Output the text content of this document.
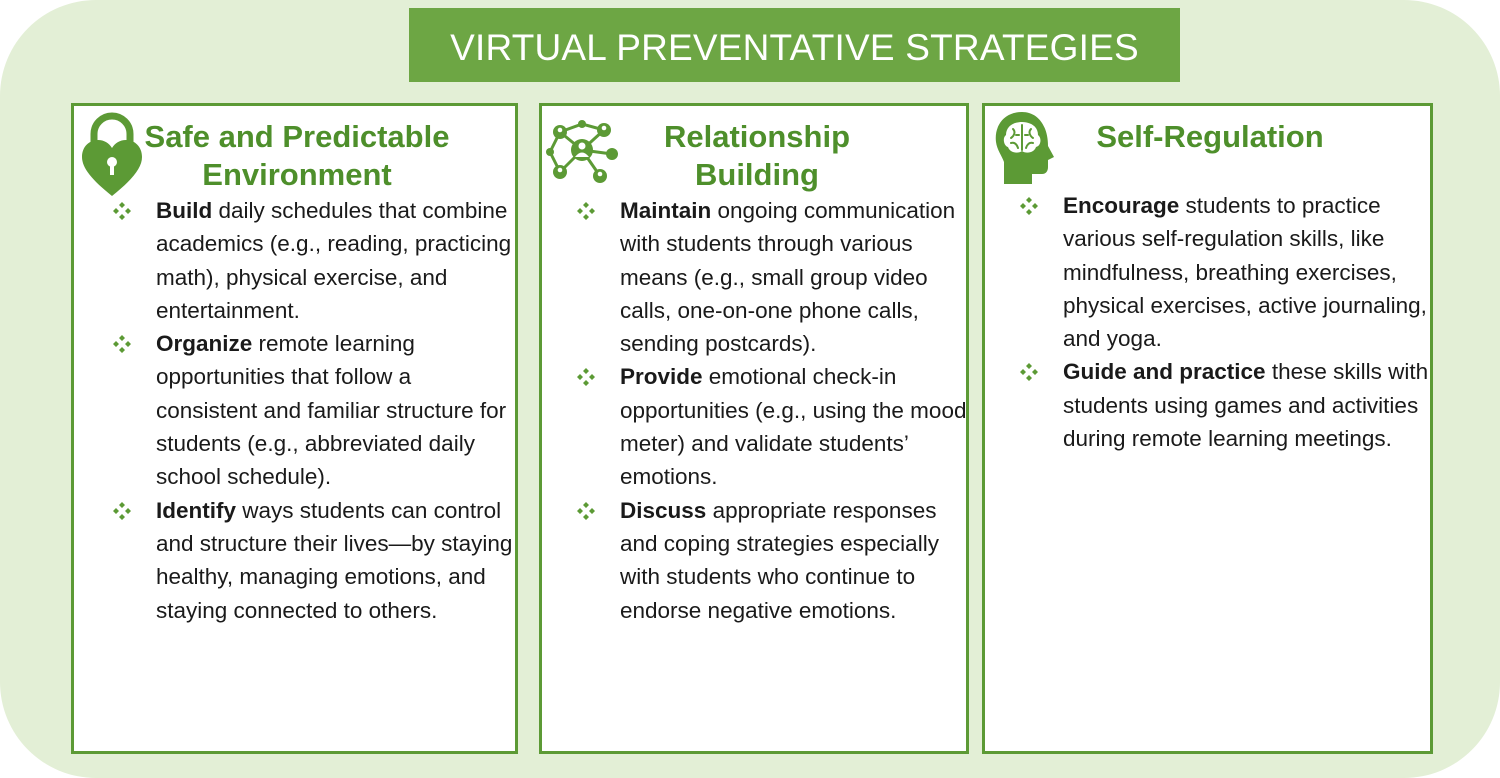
VIRTUAL PREVENTATIVE STRATEGIES
Safe and Predictable Environment
Build daily schedules that combine academics (e.g., reading, practicing math), physical exercise, and entertainment.
Organize remote learning opportunities that follow a consistent and familiar structure for students (e.g., abbreviated daily school schedule).
Identify ways students can control and structure their lives—by staying healthy, managing emotions, and staying connected to others.
Relationship Building
Maintain ongoing communication with students through various means (e.g., small group video calls, one-on-one phone calls, sending postcards).
Provide emotional check-in opportunities (e.g., using the mood meter) and validate students’ emotions.
Discuss appropriate responses and coping strategies especially with students who continue to endorse negative emotions.
Self-Regulation
Encourage students to practice various self-regulation skills, like mindfulness, breathing exercises, physical exercises, active journaling, and yoga.
Guide and practice these skills with students using games and activities during remote learning meetings.
